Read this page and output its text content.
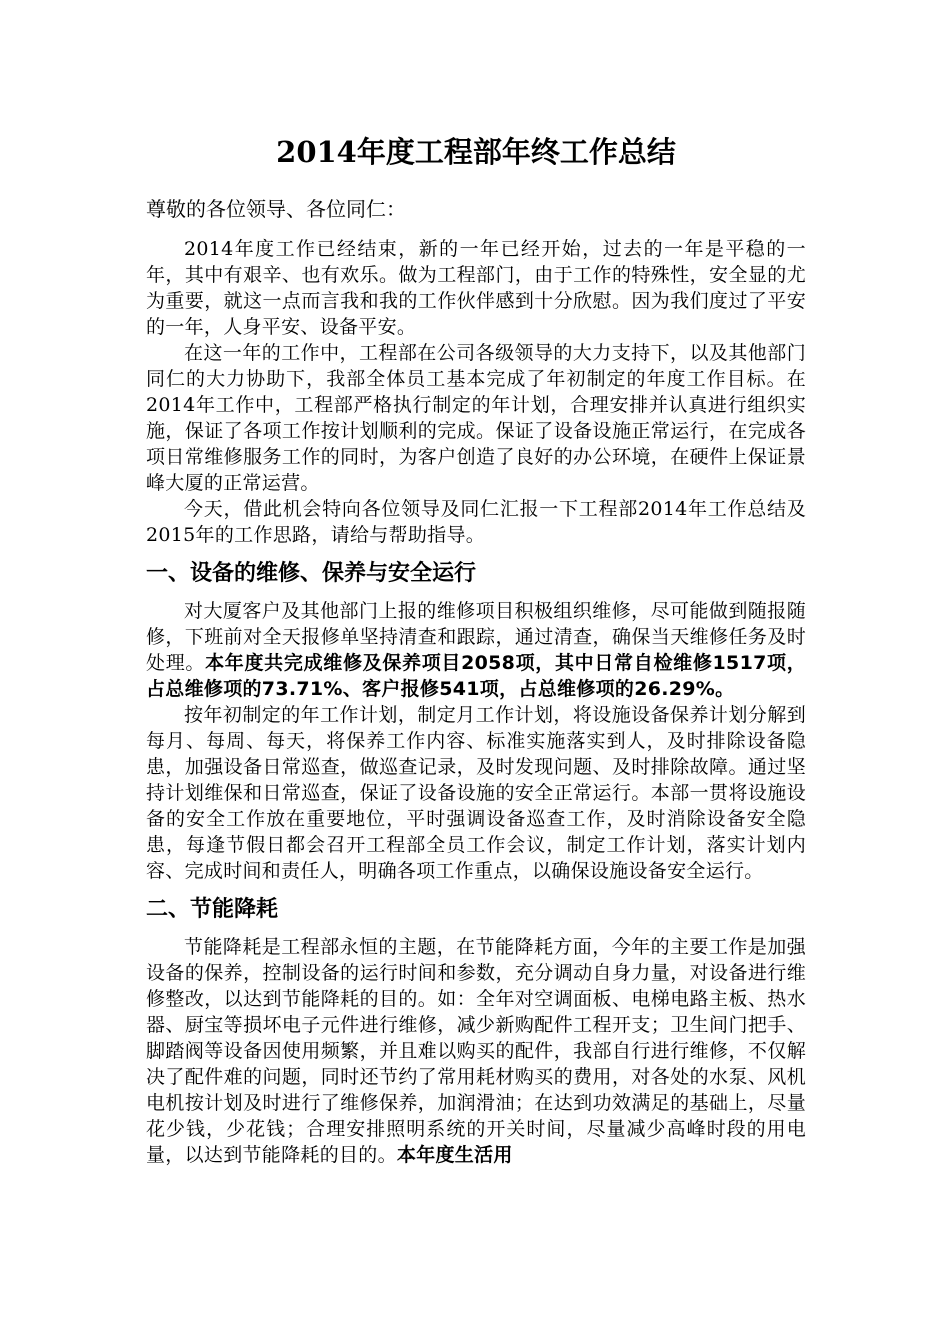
2014年度工程部年终工作总结

尊敬的各位领导、各位同仁：

2014年度工作已经结束，新的一年已经开始，过去的一年是平稳的一年，其中有艰辛、也有欢乐。做为工程部门，由于工作的特殊性，安全显的尤为重要，就这一点而言我和我的工作伙伴感到十分欣慰。因为我们度过了平安的一年，人身平安、设备平安。

在这一年的工作中，工程部在公司各级领导的大力支持下，以及其他部门同仁的大力协助下，我部全体员工基本完成了年初制定的年度工作目标。在2014年工作中，工程部严格执行制定的年计划，合理安排并认真进行组织实施，保证了各项工作按计划顺利的完成。保证了设备设施正常运行，在完成各项日常维修服务工作的同时，为客户创造了良好的办公环境，在硬件上保证景峰大厦的正常运营。

今天，借此机会特向各位领导及同仁汇报一下工程部2014年工作总结及2015年的工作思路，请给与帮助指导。

一、设备的维修、保养与安全运行

对大厦客户及其他部门上报的维修项目积极组织维修，尽可能做到随报随修，下班前对全天报修单坚持清查和跟踪，通过清查，确保当天维修任务及时处理。本年度共完成维修及保养项目2058项，其中日常自检维修1517项，占总维修项的73.71%、客户报修541项，占总维修项的26.29%。

按年初制定的年工作计划，制定月工作计划，将设施设备保养计划分解到每月、每周、每天，将保养工作内容、标准实施落实到人，及时排除设备隐患，加强设备日常巡查，做巡查记录，及时发现问题、及时排除故障。通过坚持计划维保和日常巡查，保证了设备设施的安全正常运行。本部一贯将设施设备的安全工作放在重要地位，平时强调设备巡查工作，及时消除设备安全隐患，每逢节假日都会召开工程部全员工作会议，制定工作计划，落实计划内容、完成时间和责任人，明确各项工作重点，以确保设施设备安全运行。

二、节能降耗

节能降耗是工程部永恒的主题，在节能降耗方面，今年的主要工作是加强设备的保养，控制设备的运行时间和参数，充分调动自身力量，对设备进行维修整改，以达到节能降耗的目的。如：全年对空调面板、电梯电路主板、热水器、厨宝等损坏电子元件进行维修，减少新购配件工程开支；卫生间门把手、脚踏阀等设备因使用频繁，并且难以购买的配件，我部自行进行维修，不仅解决了配件难的问题，同时还节约了常用耗材购买的费用，对各处的水泵、风机电机按计划及时进行了维修保养，加润滑油；在达到功效满足的基础上，尽量花少钱，少花钱；合理安排照明系统的开关时间，尽量减少高峰时段的用电量，以达到节能降耗的目的。本年度生活用
